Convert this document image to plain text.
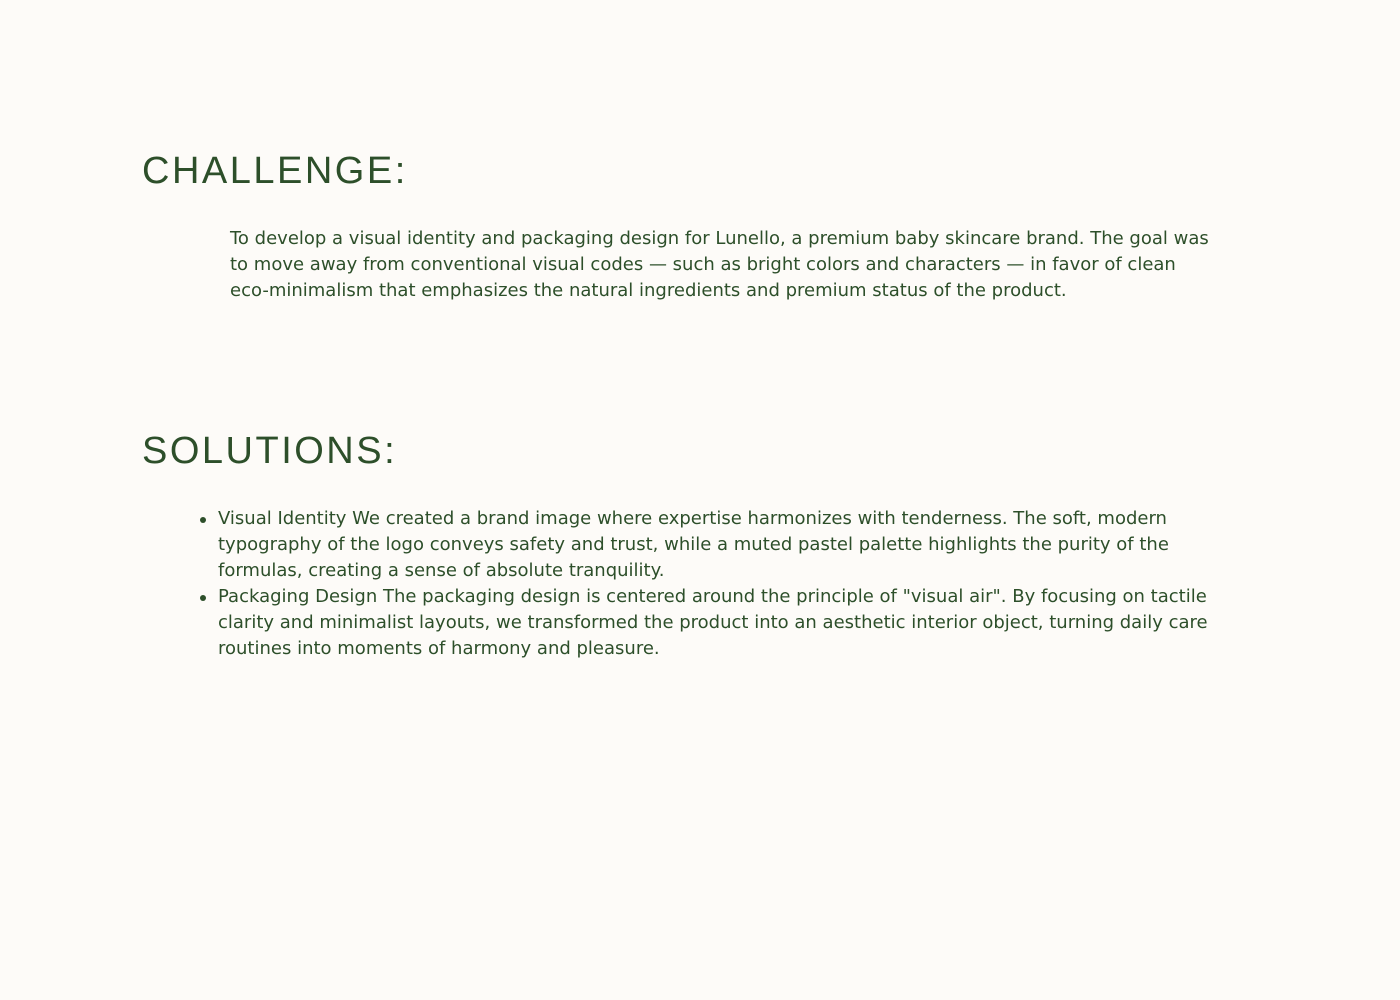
CHALLENGE:

To develop a visual identity and packaging design for Lunello, a premium baby skincare brand. The goal was to move away from conventional visual codes — such as bright colors and characters — in favor of clean eco-minimalism that emphasizes the natural ingredients and premium status of the product.

SOLUTIONS:
Visual Identity We created a brand image where expertise harmonizes with tenderness. The soft, modern typography of the logo conveys safety and trust, while a muted pastel palette highlights the purity of the formulas, creating a sense of absolute tranquility.
Packaging Design The packaging design is centered around the principle of "visual air". By focusing on tactile clarity and minimalist layouts, we transformed the product into an aesthetic interior object, turning daily care routines into moments of harmony and pleasure.
